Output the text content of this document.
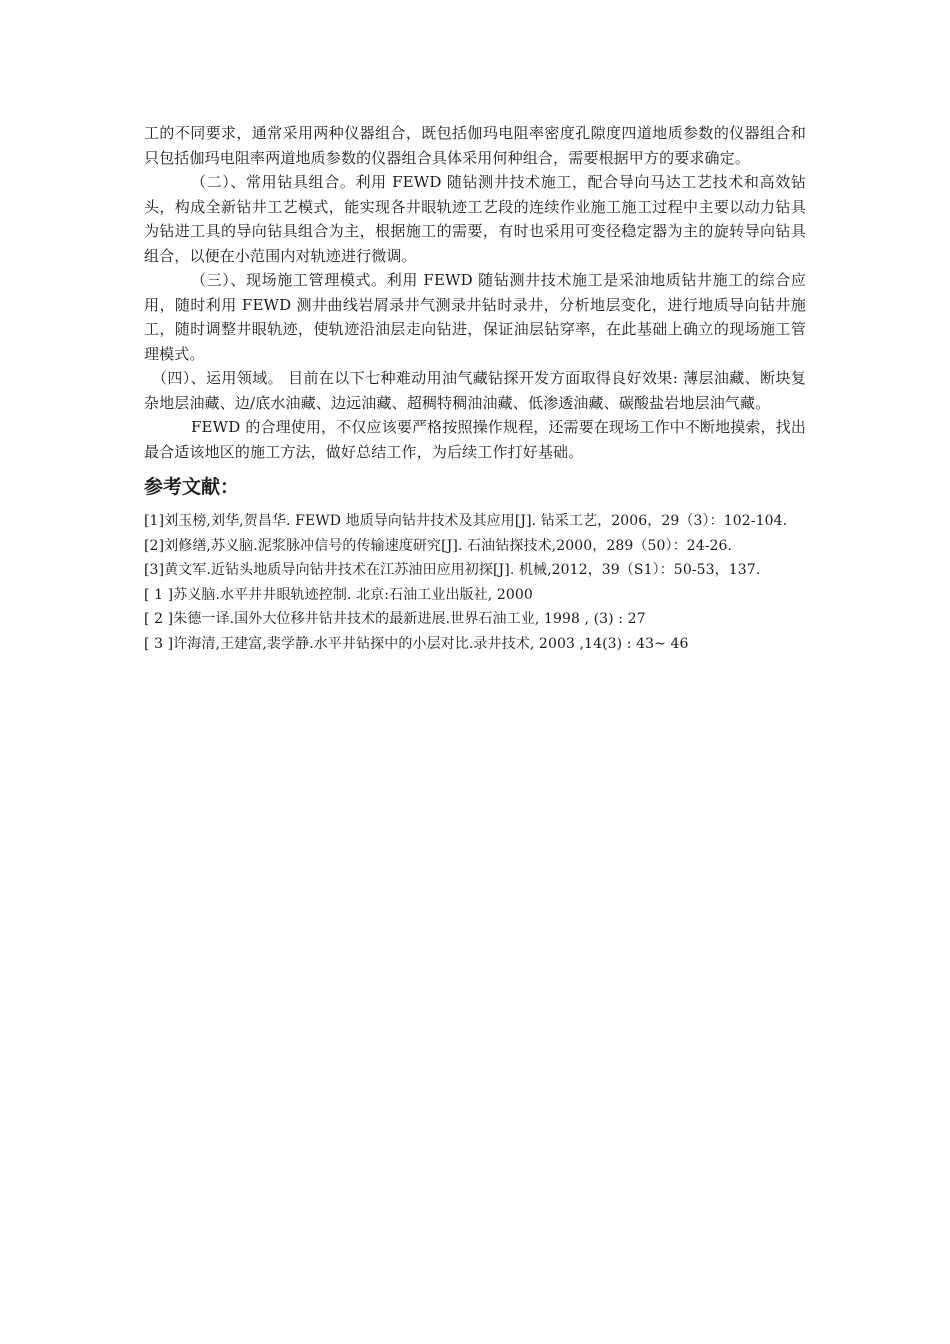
工的不同要求，通常采用两种仪器组合，既包括伽玛电阻率密度孔隙度四道地质参数的仪器组合和只包括伽玛电阻率两道地质参数的仪器组合具体采用何种组合，需要根据甲方的要求确定。

（二）、常用钻具组合。利用 FEWD 随钻测井技术施工，配合导向马达工艺技术和高效钻头，构成全新钻井工艺模式，能实现各井眼轨迹工艺段的连续作业施工施工过程中主要以动力钻具为钻进工具的导向钻具组合为主，根据施工的需要，有时也采用可变径稳定器为主的旋转导向钻具组合，以便在小范围内对轨迹进行微调。

（三）、现场施工管理模式。利用 FEWD 随钻测井技术施工是采油地质钻井施工的综合应用，随时利用 FEWD 测井曲线岩屑录井气测录井钻时录井，分析地层变化，进行地质导向钻井施工，随时调整井眼轨迹，使轨迹沿油层走向钻进，保证油层钻穿率，在此基础上确立的现场施工管理模式。

（四）、运用领域。 目前在以下七种难动用油气藏钻探开发方面取得良好效果: 薄层油藏、断块复杂地层油藏、边/底水油藏、边远油藏、超稠特稠油油藏、低渗透油藏、碳酸盐岩地层油气藏。

FEWD 的合理使用，不仅应该要严格按照操作规程，还需要在现场工作中不断地摸索，找出最合适该地区的施工方法，做好总结工作，为后续工作打好基础。

参考文献：
[1]刘玉榜,刘华,贺昌华. FEWD 地质导向钻井技术及其应用[J]. 钻采工艺，2006，29（3）：102-104.
[2]刘修缮,苏义脑.泥浆脉冲信号的传输速度研究[J]. 石油钻探技术,2000，289（50）：24-26.
[3]黄文军.近钻头地质导向钻井技术在江苏油田应用初探[J]. 机械,2012，39（S1）：50-53，137.
[ 1 ]苏义脑.水平井井眼轨迹控制. 北京:石油工业出版社, 2000
[ 2 ]朱德一译.国外大位移井钻井技术的最新进展.世界石油工业, 1998 , (3) : 27
[ 3 ]许海清,王建富,裴学静.水平井钻探中的小层对比.录井技术, 2003 ,14(3) : 43~ 46
